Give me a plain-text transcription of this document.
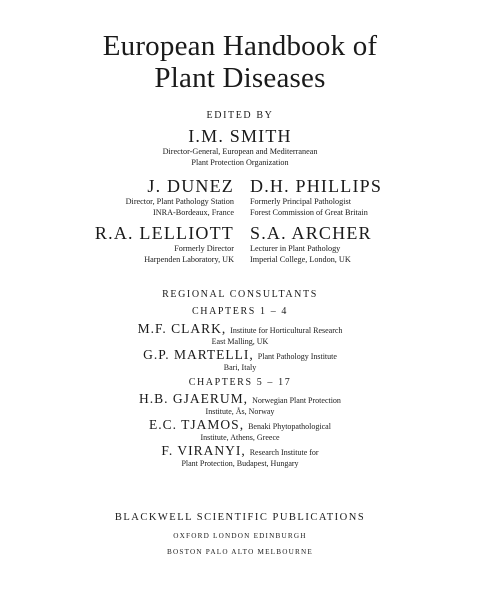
European Handbook of
Plant Diseases
EDITED BY
I.M. SMITH
Director-General, European and Mediterranean
Plant Protection Organization
J. DUNEZ
Director, Plant Pathology Station
INRA-Bordeaux, France
D.H. PHILLIPS
Formerly Principal Pathologist
Forest Commission of Great Britain
R.A. LELLIOTT
Formerly Director
Harpenden Laboratory, UK
S.A. ARCHER
Lecturer in Plant Pathology
Imperial College, London, UK
REGIONAL CONSULTANTS
CHAPTERS 1 – 4
M.F. CLARK, Institute for Horticultural Research
East Malling, UK
G.P. MARTELLI, Plant Pathology Institute
Bari, Italy
CHAPTERS 5 – 17
H.B. GJAERUM, Norwegian Plant Protection
Institute, Ås, Norway
E.C. TJAMOS, Benaki Phytopathological
Institute, Athens, Greece
F. VIRANYI, Research Institute for
Plant Protection, Budapest, Hungary
BLACKWELL SCIENTIFIC PUBLICATIONS
OXFORD LONDON EDINBURGH
BOSTON PALO ALTO MELBOURNE
